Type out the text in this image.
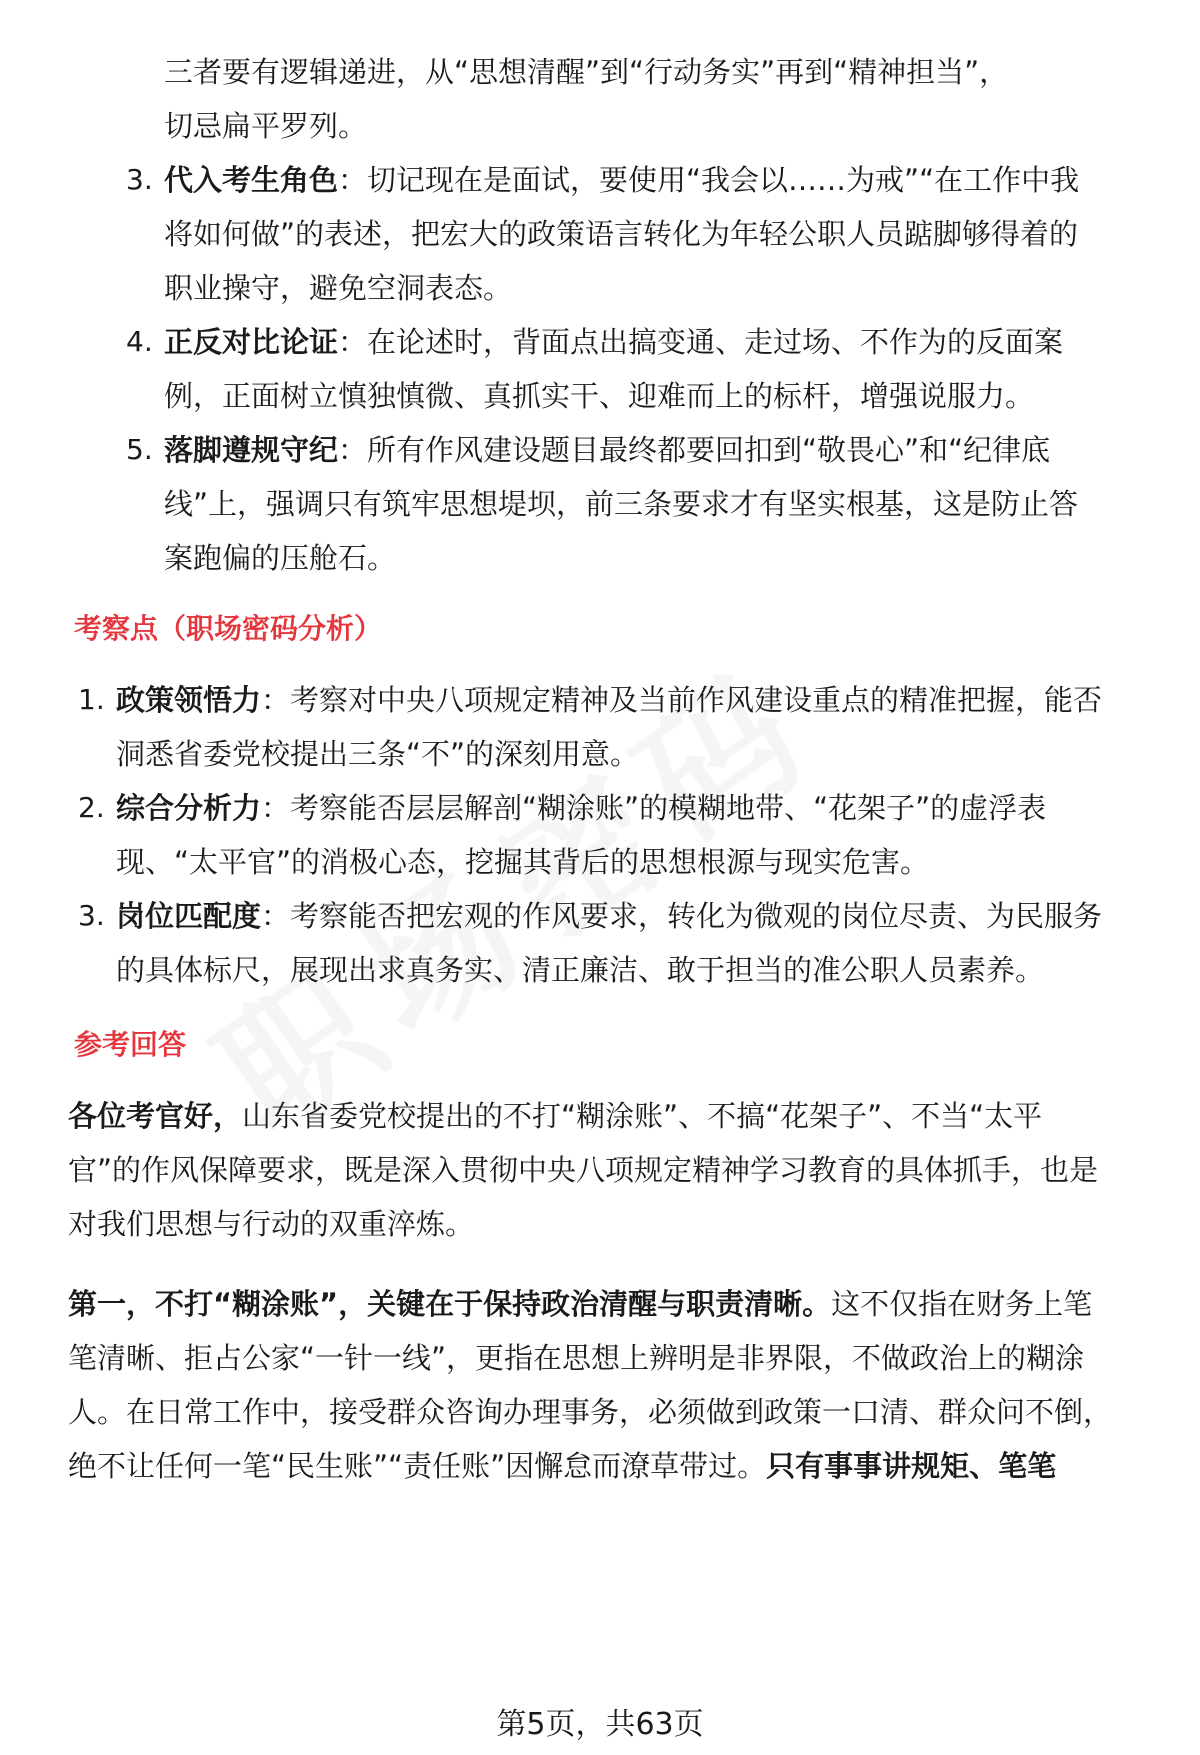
三者要有逻辑递进，从“思想清醒”到“行动务实”再到“精神担当”，
切忌扁平罗列。
3. 代入考生角色：切记现在是面试，要使用“我会以……为戒”“在工作中我
将如何做”的表述，把宏大的政策语言转化为年轻公职人员踮脚够得着的
职业操守，避免空洞表态。
4. 正反对比论证：在论述时，背面点出搞变通、走过场、不作为的反面案
例，正面树立慎独慎微、真抓实干、迎难而上的标杆，增强说服力。
5. 落脚遵规守纪：所有作风建设题目最终都要回扣到“敬畏心”和“纪律底
线”上，强调只有筑牢思想堤坝，前三条要求才有坚实根基，这是防止答
案跑偏的压舱石。
考察点（职场密码分析）
1. 政策领悟力：考察对中央八项规定精神及当前作风建设重点的精准把握，能否
洞悉省委党校提出三条“不”的深刻用意。
2. 综合分析力：考察能否层层解剖“糊涂账”的模糊地带、“花架子”的虚浮表
现、“太平官”的消极心态，挖掘其背后的思想根源与现实危害。
3. 岗位匹配度：考察能否把宏观的作风要求，转化为微观的岗位尽责、为民服务
的具体标尺，展现出求真务实、清正廉洁、敢于担当的准公职人员素养。
参考回答
各位考官好，山东省委党校提出的不打“糊涂账”、不搞“花架子”、不当“太平
官”的作风保障要求，既是深入贯彻中央八项规定精神学习教育的具体抓手，也是
对我们思想与行动的双重淬炼。
第一，不打“糊涂账”，关键在于保持政治清醒与职责清晰。这不仅指在财务上笔
笔清晰、拒占公家“一针一线”，更指在思想上辨明是非界限，不做政治上的糊涂
人。在日常工作中，接受群众咨询办理事务，必须做到政策一口清、群众问不倒，
绝不让任何一笔“民生账”“责任账”因懈怠而潦草带过。只有事事讲规矩、笔笔
第5页，共63页
